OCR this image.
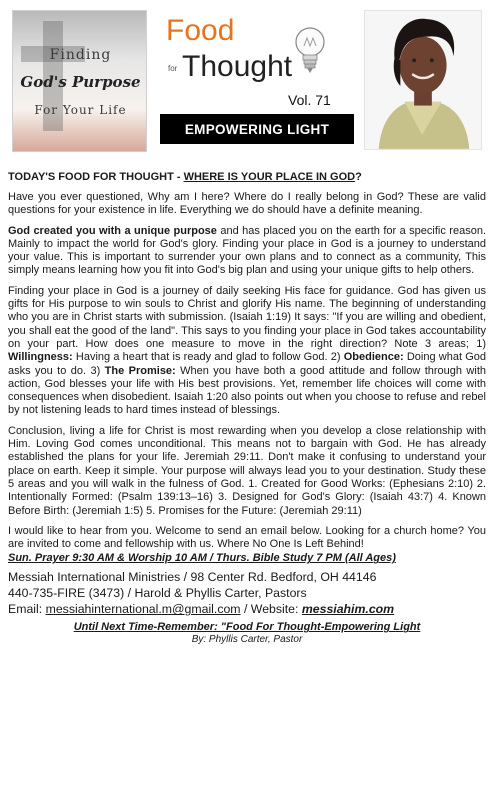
Finding
God's Purpose
For Your Life
Food
for Thought
Vol. 71
EMPOWERING LIGHT
TODAY'S FOOD FOR THOUGHT - WHERE IS YOUR PLACE IN GOD?

Have you ever questioned, Why am I here? Where do I really belong in God? These are valid questions for your existence in life. Everything we do should have a definite meaning.

God created you with a unique purpose and has placed you on the earth for a specific reason. Mainly to impact the world for God's glory. Finding your place in God is a journey to understand your value. This is important to surrender your own plans and to connect as a community, This simply means learning how you fit into God's big plan and using your unique gifts to help others.

Finding your place in God is a journey of daily seeking His face for guidance. God has given us gifts for His purpose to win souls to Christ and glorify His name. The beginning of understanding who you are in Christ starts with submission. (Isaiah 1:19) It says: "If you are willing and obedient, you shall eat the good of the land". This says to you finding your place in God takes accountability on your part. How does one measure to move in the right direction? Note 3 areas; 1) Willingness: Having a heart that is ready and glad to follow God. 2) Obedience: Doing what God asks you to do. 3) The Promise: When you have both a good attitude and follow through with action, God blesses your life with His best provisions. Yet, remember life choices will come with consequences when disobedient. Isaiah 1:20 also points out when you choose to refuse and rebel by not listening leads to hard times instead of blessings.

Conclusion, living a life for Christ is most rewarding when you develop a close relationship with Him. Loving God comes unconditional. This means not to bargain with God. He has already established the plans for your life. Jeremiah 29:11. Don't make it confusing to understand your place on earth. Keep it simple. Your purpose will always lead you to your destination. Study these 5 areas and you will walk in the fulness of God. 1. Created for Good Works: (Ephesians 2:10) 2. Intentionally Formed: (Psalm 139:13–16) 3. Designed for God's Glory: (Isaiah 43:7) 4. Known Before Birth: (Jeremiah 1:5) 5. Promises for the Future: (Jeremiah 29:11)

I would like to hear from you. Welcome to send an email below. Looking for a church home? You are invited to come and fellowship with us. Where No One Is Left Behind!

Sun. Prayer 9:30 AM & Worship 10 AM / Thurs. Bible Study 7 PM (All Ages)
Messiah International Ministries / 98 Center Rd. Bedford, OH 44146
440-735-FIRE (3473) / Harold & Phyllis Carter, Pastors
Email: messiahinternational.m@gmail.com / Website: messiahim.com
Until Next Time-Remember: "Food For Thought-Empowering Light
By: Phyllis Carter, Pastor
